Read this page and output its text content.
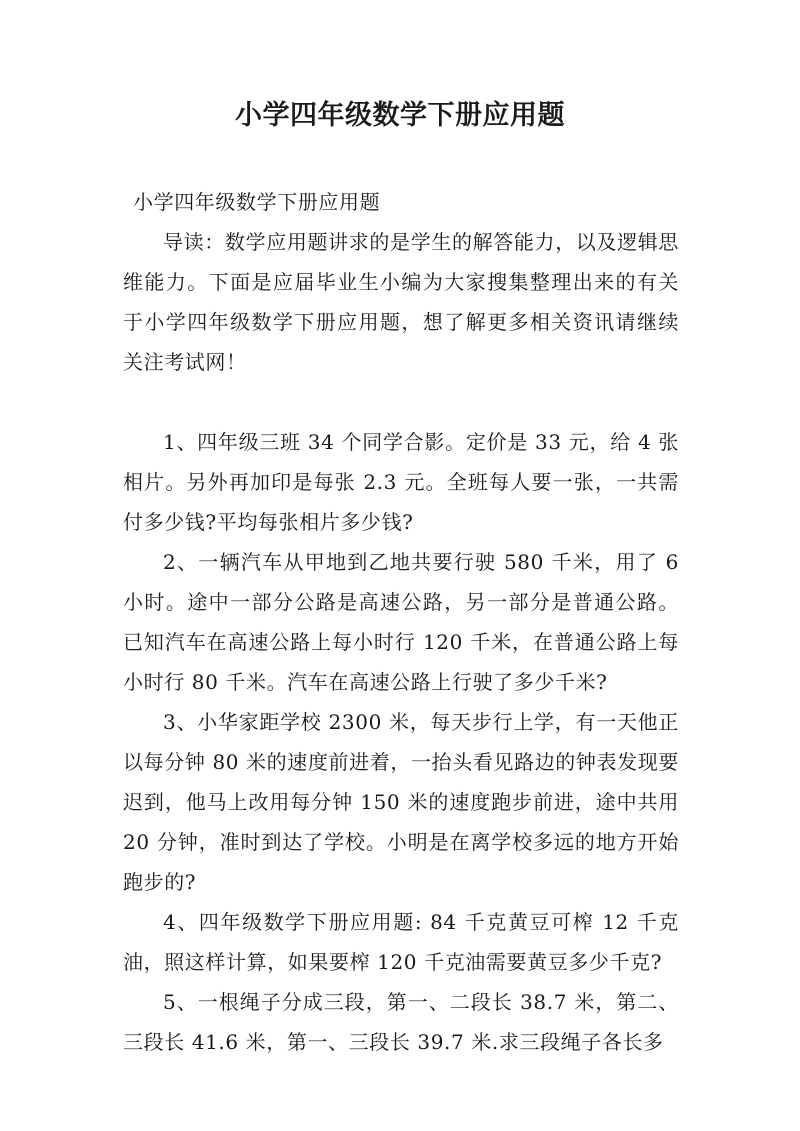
小学四年级数学下册应用题

小学四年级数学下册应用题

导读：数学应用题讲求的是学生的解答能力，以及逻辑思维能力。下面是应届毕业生小编为大家搜集整理出来的有关于小学四年级数学下册应用题，想了解更多相关资讯请继续关注考试网！

1、四年级三班 34 个同学合影。定价是 33 元，给 4 张相片。另外再加印是每张 2.3 元。全班每人要一张，一共需付多少钱?平均每张相片多少钱?

2、一辆汽车从甲地到乙地共要行驶 580 千米，用了 6 小时。途中一部分公路是高速公路，另一部分是普通公路。已知汽车在高速公路上每小时行 120 千米，在普通公路上每小时行 80 千米。汽车在高速公路上行驶了多少千米?

3、小华家距学校 2300 米，每天步行上学，有一天他正以每分钟 80 米的速度前进着，一抬头看见路边的钟表发现要迟到，他马上改用每分钟 150 米的速度跑步前进，途中共用 20 分钟，准时到达了学校。小明是在离学校多远的地方开始跑步的?

4、四年级数学下册应用题: 84 千克黄豆可榨 12 千克油，照这样计算，如果要榨 120 千克油需要黄豆多少千克?

5、一根绳子分成三段，第一、二段长 38.7 米，第二、三段长 41.6 米，第一、三段长 39.7 米.求三段绳子各长多
